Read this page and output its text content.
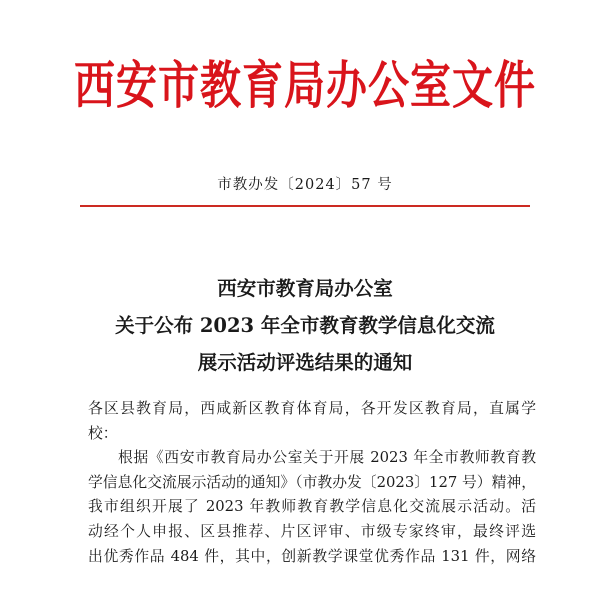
西安市教育局办公室文件
市教办发〔2024〕57 号
西安市教育局办公室
关于公布 2023 年全市教育教学信息化交流
展示活动评选结果的通知
各区县教育局，西咸新区教育体育局，各开发区教育局，直属学
校：
根据《西安市教育局办公室关于开展 2023 年全市教师教育教
学信息化交流展示活动的通知》（市教办发〔2023〕127 号）精神，
我市组织开展了 2023 年教师教育教学信息化交流展示活动。活
动经个人申报、区县推荐、片区评审、市级专家终审，最终评选
出优秀作品 484 件，其中，创新教学课堂优秀作品 131 件，网络
